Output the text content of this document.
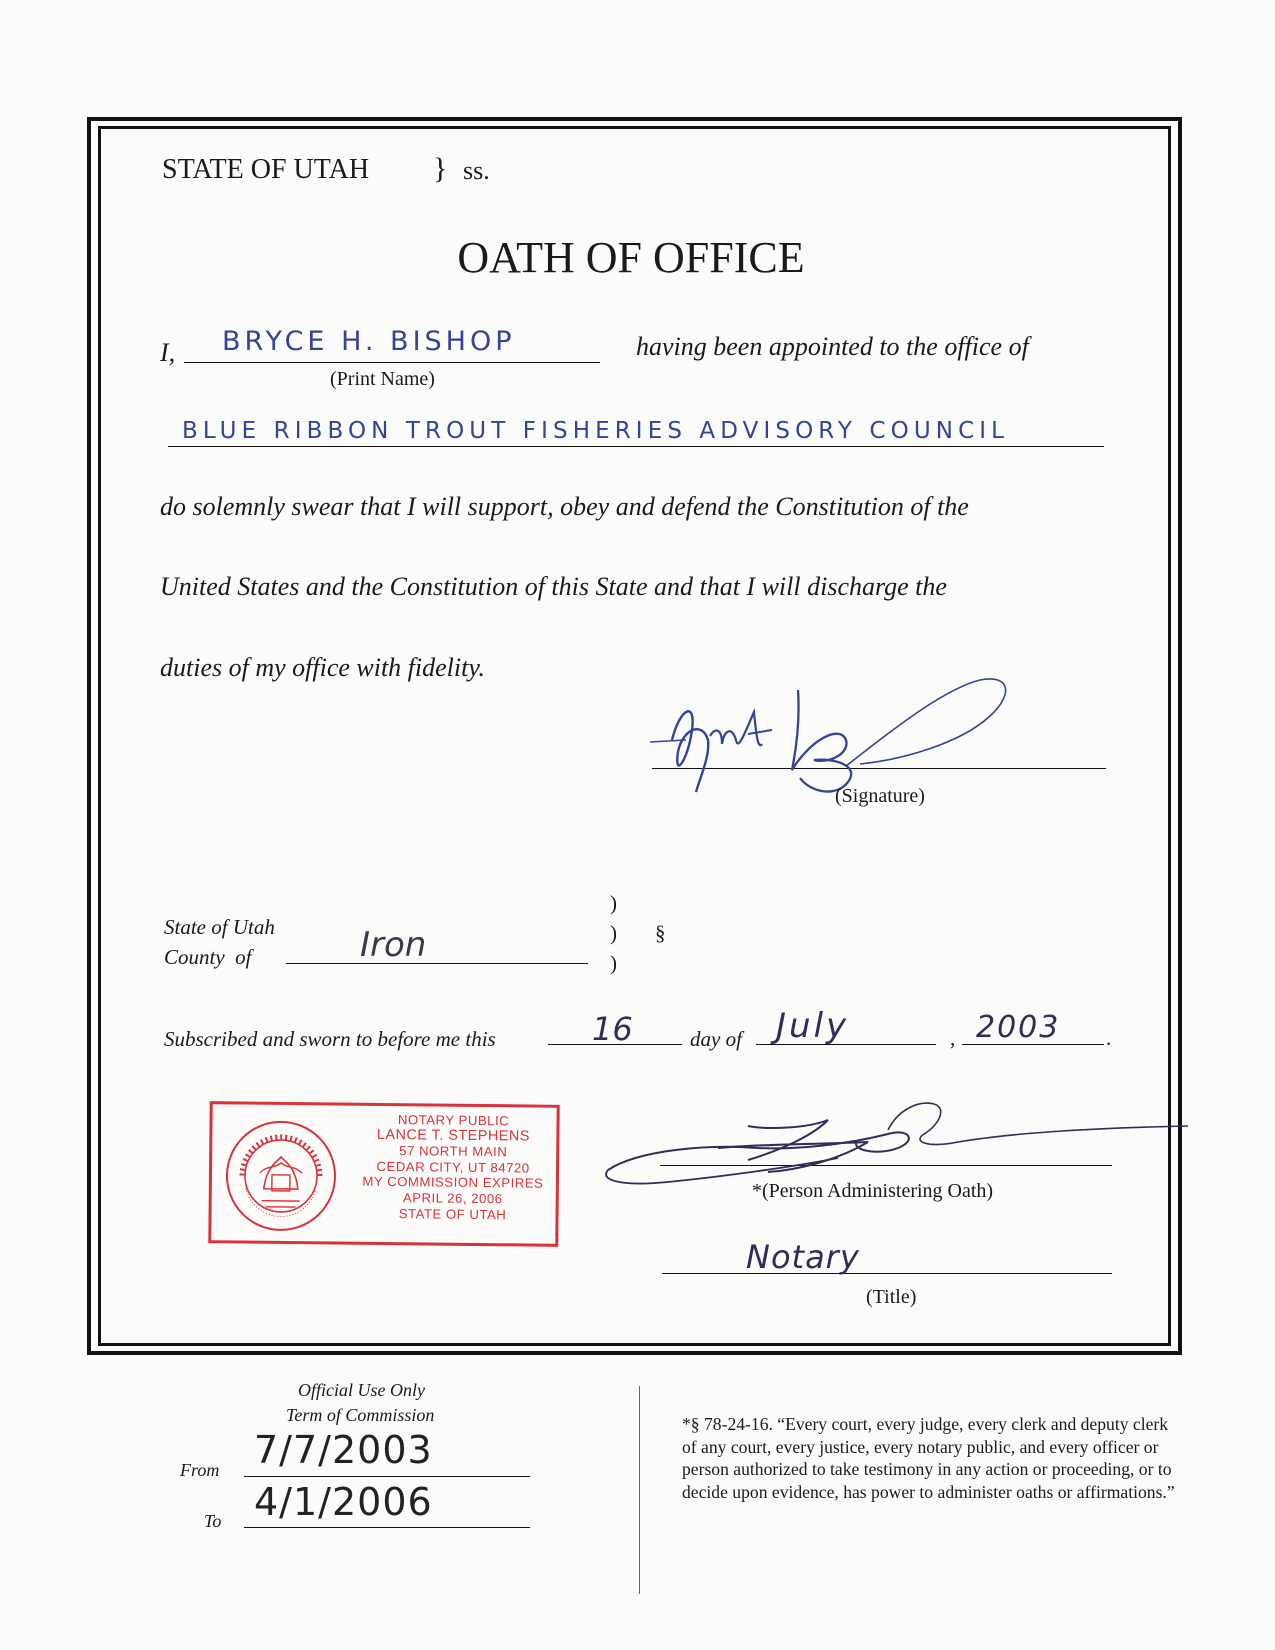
STATE OF UTAH } ss.
OATH OF OFFICE
I, BRYCE H. BISHOP
(Print Name)
having been appointed to the office of
BLUE RIBBON TROUT FISHERIES ADVISORY COUNCIL
do solemnly swear that I will support, obey and defend the Constitution of the
United States and the Constitution of this State and that I will discharge the
duties of my office with fidelity.
(Signature)
State of Utah
County  of	Iron
)
)
)
§
Subscribed and sworn to before me this	16	day of July	, 2003 .
NOTARY PUBLIC
LANCE T. STEPHENS
57 NORTH MAIN
CEDAR CITY, UT 84720
MY COMMISSION EXPIRES
APRIL 26, 2006
STATE OF UTAH
*(Person Administering Oath)
Notary
(Title)
Official Use Only
Term of Commission
From 7/7/2003
To 4/1/2006
*§ 78-24-16. “Every court, every judge, every clerk and deputy clerk of any court, every justice, every notary public, and every officer or person authorized to take testimony in any action or proceeding, or to decide upon evidence, has power to administer oaths or affirmations.”
